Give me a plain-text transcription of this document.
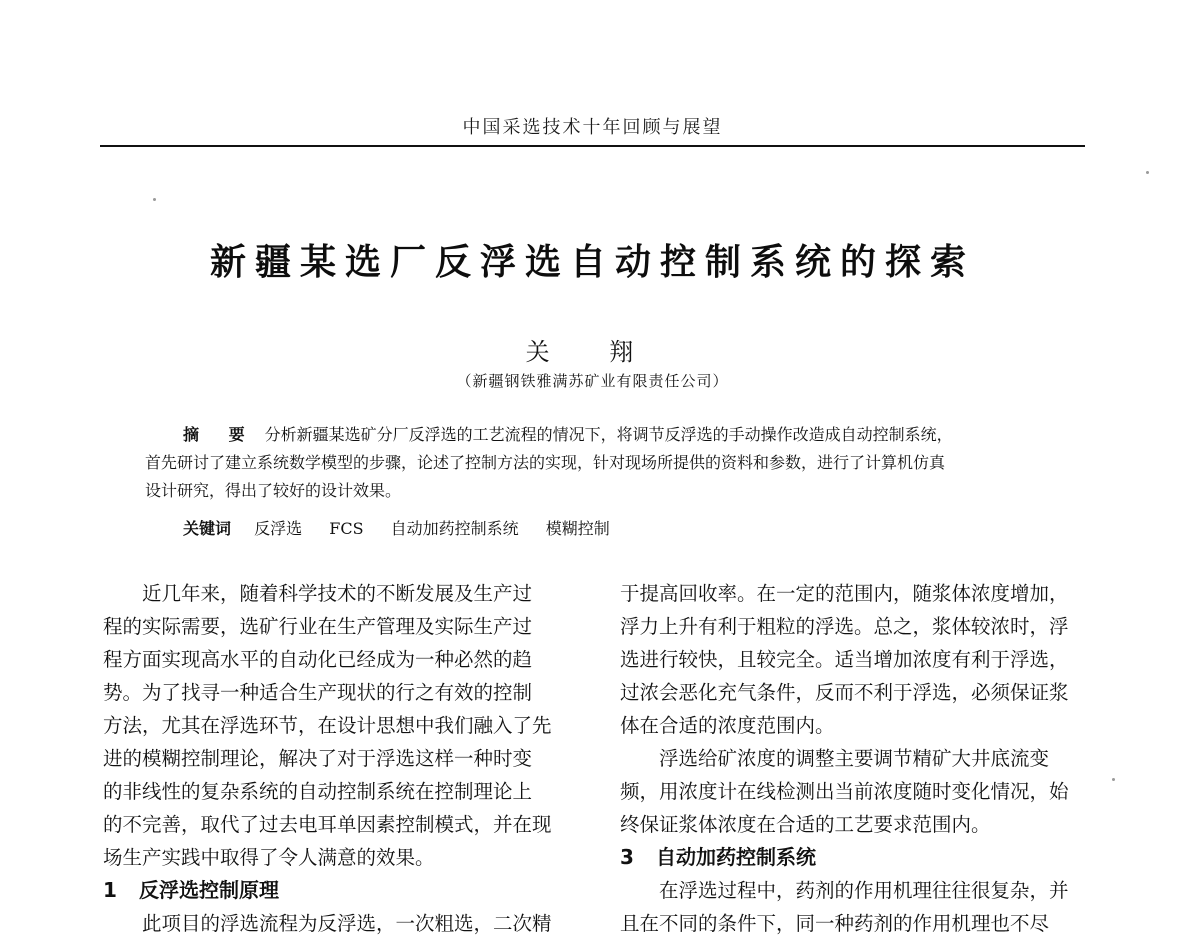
中国采选技术十年回顾与展望
新疆某选厂反浮选自动控制系统的探索
关 翔
（新疆钢铁雅满苏矿业有限责任公司）
摘 要 分析新疆某选矿分厂反浮选的工艺流程的情况下，将调节反浮选的手动操作改造成自动控制系统，
首先研讨了建立系统数学模型的步骤，论述了控制方法的实现，针对现场所提供的资料和参数，进行了计算机仿真
设计研究，得出了较好的设计效果。
关键词 反浮选 FCS 自动加药控制系统 模糊控制
近几年来，随着科学技术的不断发展及生产过
程的实际需要，选矿行业在生产管理及实际生产过
程方面实现高水平的自动化已经成为一种必然的趋
势。为了找寻一种适合生产现状的行之有效的控制
方法，尤其在浮选环节，在设计思想中我们融入了先
进的模糊控制理论，解决了对于浮选这样一种时变
的非线性的复杂系统的自动控制系统在控制理论上
的不完善，取代了过去电耳单因素控制模式，并在现
场生产实践中取得了令人满意的效果。
1 反浮选控制原理
此项目的浮选流程为反浮选，一次粗选，二次精
于提高回收率。在一定的范围内，随浆体浓度增加，
浮力上升有利于粗粒的浮选。总之，浆体较浓时，浮
选进行较快，且较完全。适当增加浓度有利于浮选，
过浓会恶化充气条件，反而不利于浮选，必须保证浆
体在合适的浓度范围内。
浮选给矿浓度的调整主要调节精矿大井底流变
频，用浓度计在线检测出当前浓度随时变化情况，始
终保证浆体浓度在合适的工艺要求范围内。
3 自动加药控制系统
在浮选过程中，药剂的作用机理往往很复杂，并
且在不同的条件下，同一种药剂的作用机理也不尽
